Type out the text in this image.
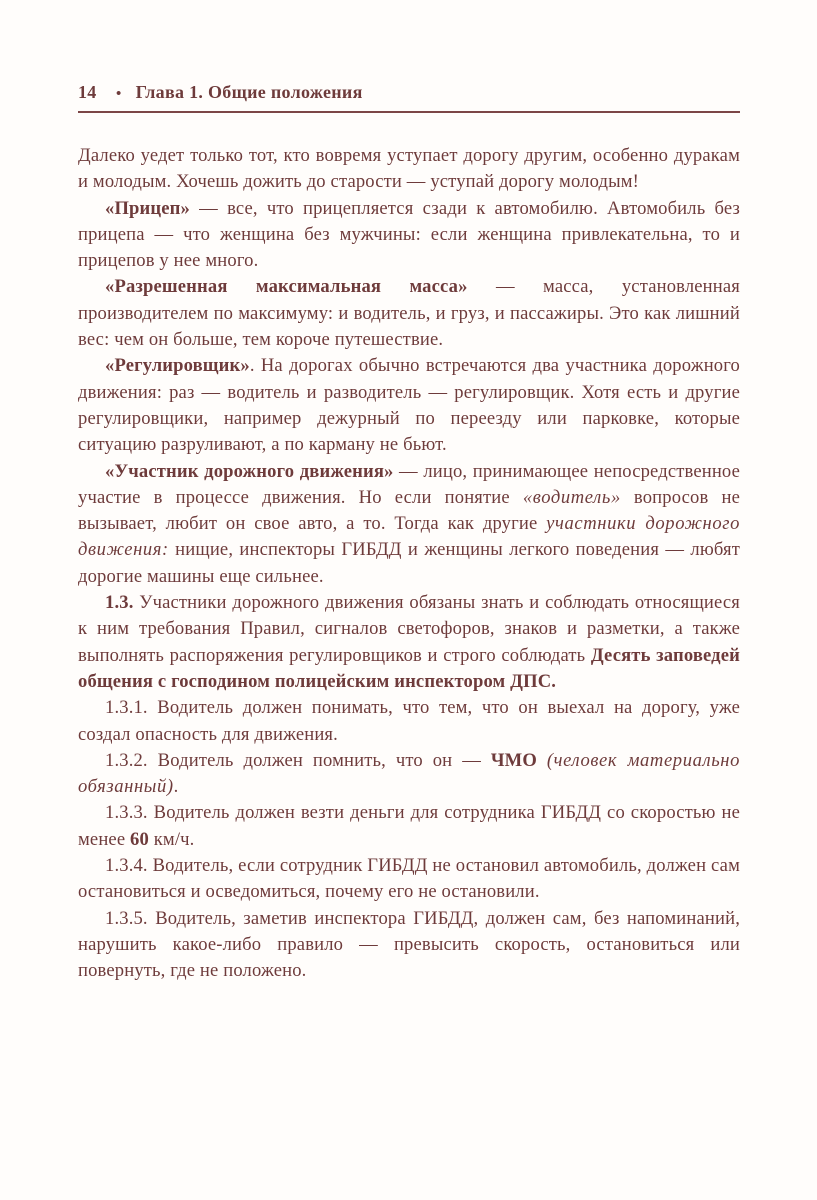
14	• Глава 1. Общие положения

Далеко уедет только тот, кто вовремя уступает дорогу другим, особенно дуракам и молодым. Хочешь дожить до старости — уступай дорогу молодым!

«Прицеп» — все, что прицепляется сзади к автомобилю. Автомобиль без прицепа — что женщина без мужчины: если женщина привлекательна, то и прицепов у нее много.

«Разрешенная максимальная масса» — масса, установленная производителем по максимуму: и водитель, и груз, и пассажиры. Это как лишний вес: чем он больше, тем короче путешествие.

«Регулировщик». На дорогах обычно встречаются два участника дорожного движения: раз — водитель и разводитель — регулировщик. Хотя есть и другие регулировщики, например дежурный по переезду или парковке, которые ситуацию разруливают, а по карману не бьют.

«Участник дорожного движения» — лицо, принимающее непосредственное участие в процессе движения. Но если понятие «водитель» вопросов не вызывает, любит он свое авто, а то. Тогда как другие участники дорожного движения: нищие, инспекторы ГИБДД и женщины легкого поведения — любят дорогие машины еще сильнее.

1.3. Участники дорожного движения обязаны знать и соблюдать относящиеся к ним требования Правил, сигналов светофоров, знаков и разметки, а также выполнять распоряжения регулировщиков и строго соблюдать Десять заповедей общения с господином полицейским инспектором ДПС.

1.3.1. Водитель должен понимать, что тем, что он выехал на дорогу, уже создал опасность для движения.

1.3.2. Водитель должен помнить, что он — ЧМО (человек материально обязанный).

1.3.3. Водитель должен везти деньги для сотрудника ГИБДД со скоростью не менее 60 км/ч.

1.3.4. Водитель, если сотрудник ГИБДД не остановил автомобиль, должен сам остановиться и осведомиться, почему его не остановили.

1.3.5. Водитель, заметив инспектора ГИБДД, должен сам, без напоминаний, нарушить какое-либо правило — превысить скорость, остановиться или повернуть, где не положено.
